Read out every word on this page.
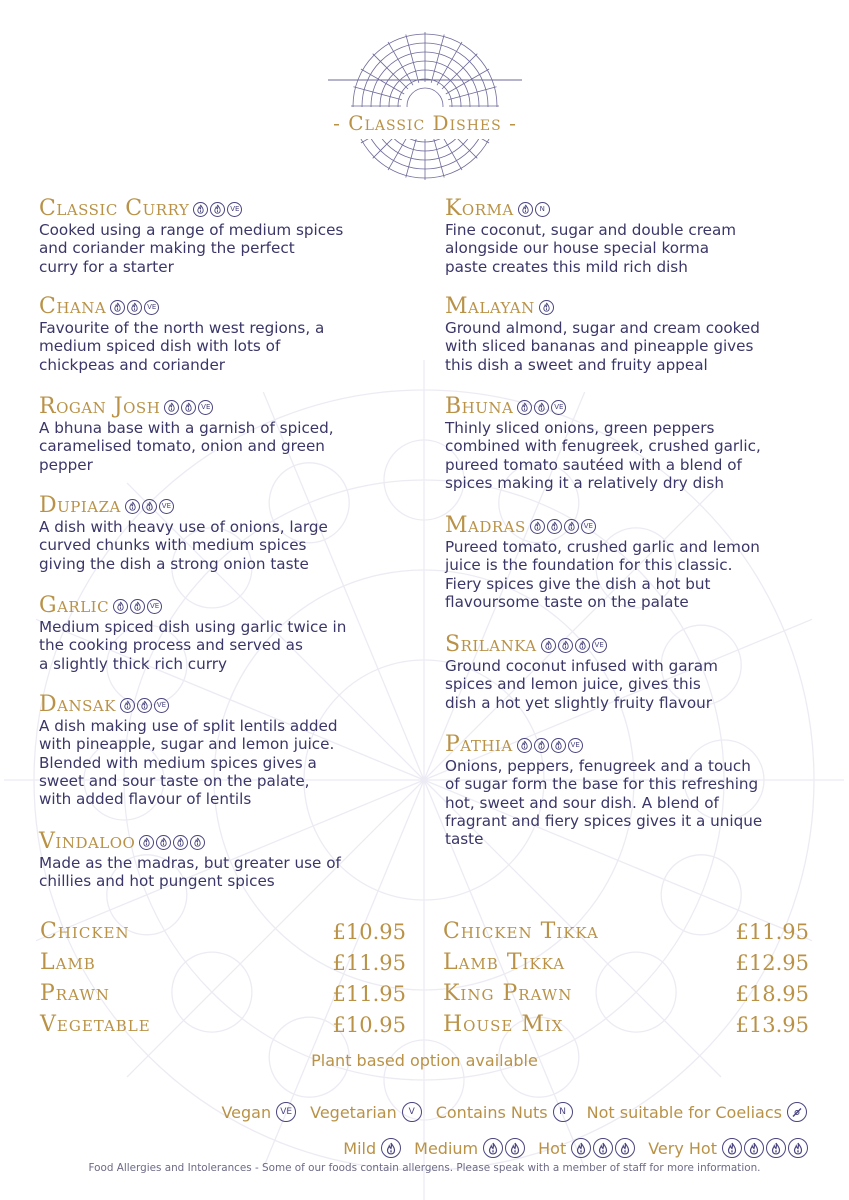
- Classic Dishes -
Classic Curry	VE
Cooked using a range of medium spices
and coriander making the perfect
curry for a starter
Chana	VE
Favourite of the north west regions, a
medium spiced dish with lots of
chickpeas and coriander
Rogan Josh	VE
A bhuna base with a garnish of spiced,
caramelised tomato, onion and green
pepper
Dupiaza	VE
A dish with heavy use of onions, large
curved chunks with medium spices
giving the dish a strong onion taste
Garlic	VE
Medium spiced dish using garlic twice in
the cooking process and served as
a slightly thick rich curry
Dansak	VE
A dish making use of split lentils added
with pineapple, sugar and lemon juice.
Blended with medium spices gives a
sweet and sour taste on the palate,
with added flavour of lentils
Vindaloo
Made as the madras, but greater use of
chillies and hot pungent spices
Korma	N
Fine coconut, sugar and double cream
alongside our house special korma
paste creates this mild rich dish
Malayan
Ground almond, sugar and cream cooked
with sliced bananas and pineapple gives
this dish a sweet and fruity appeal
Bhuna	VE
Thinly sliced onions, green peppers
combined with fenugreek, crushed garlic,
pureed tomato sautéed with a blend of
spices making it a relatively dry dish
Madras	VE
Pureed tomato, crushed garlic and lemon
juice is the foundation for this classic.
Fiery spices give the dish a hot but
flavoursome taste on the palate
Srilanka	VE
Ground coconut infused with garam
spices and lemon juice, gives this
dish a hot yet slightly fruity flavour
Pathia	VE
Onions, peppers, fenugreek and a touch
of sugar form the base for this refreshing
hot, sweet and sour dish. A blend of
fragrant and fiery spices gives it a unique
taste
Chicken	£10.95
Lamb	£11.95
Prawn	£11.95
Vegetable	£10.95
Chicken Tikka	£11.95
Lamb Tikka	£12.95
King Prawn	£18.95
House Mix	£13.95
Plant based option available
Vegan	VE Vegetarian	V	Contains Nuts	N	Not suitable for Coeliacs
Mild Medium	Hot	Very Hot
Food Allergies and Intolerances - Some of our foods contain allergens. Please speak with a member of staff for more information.
